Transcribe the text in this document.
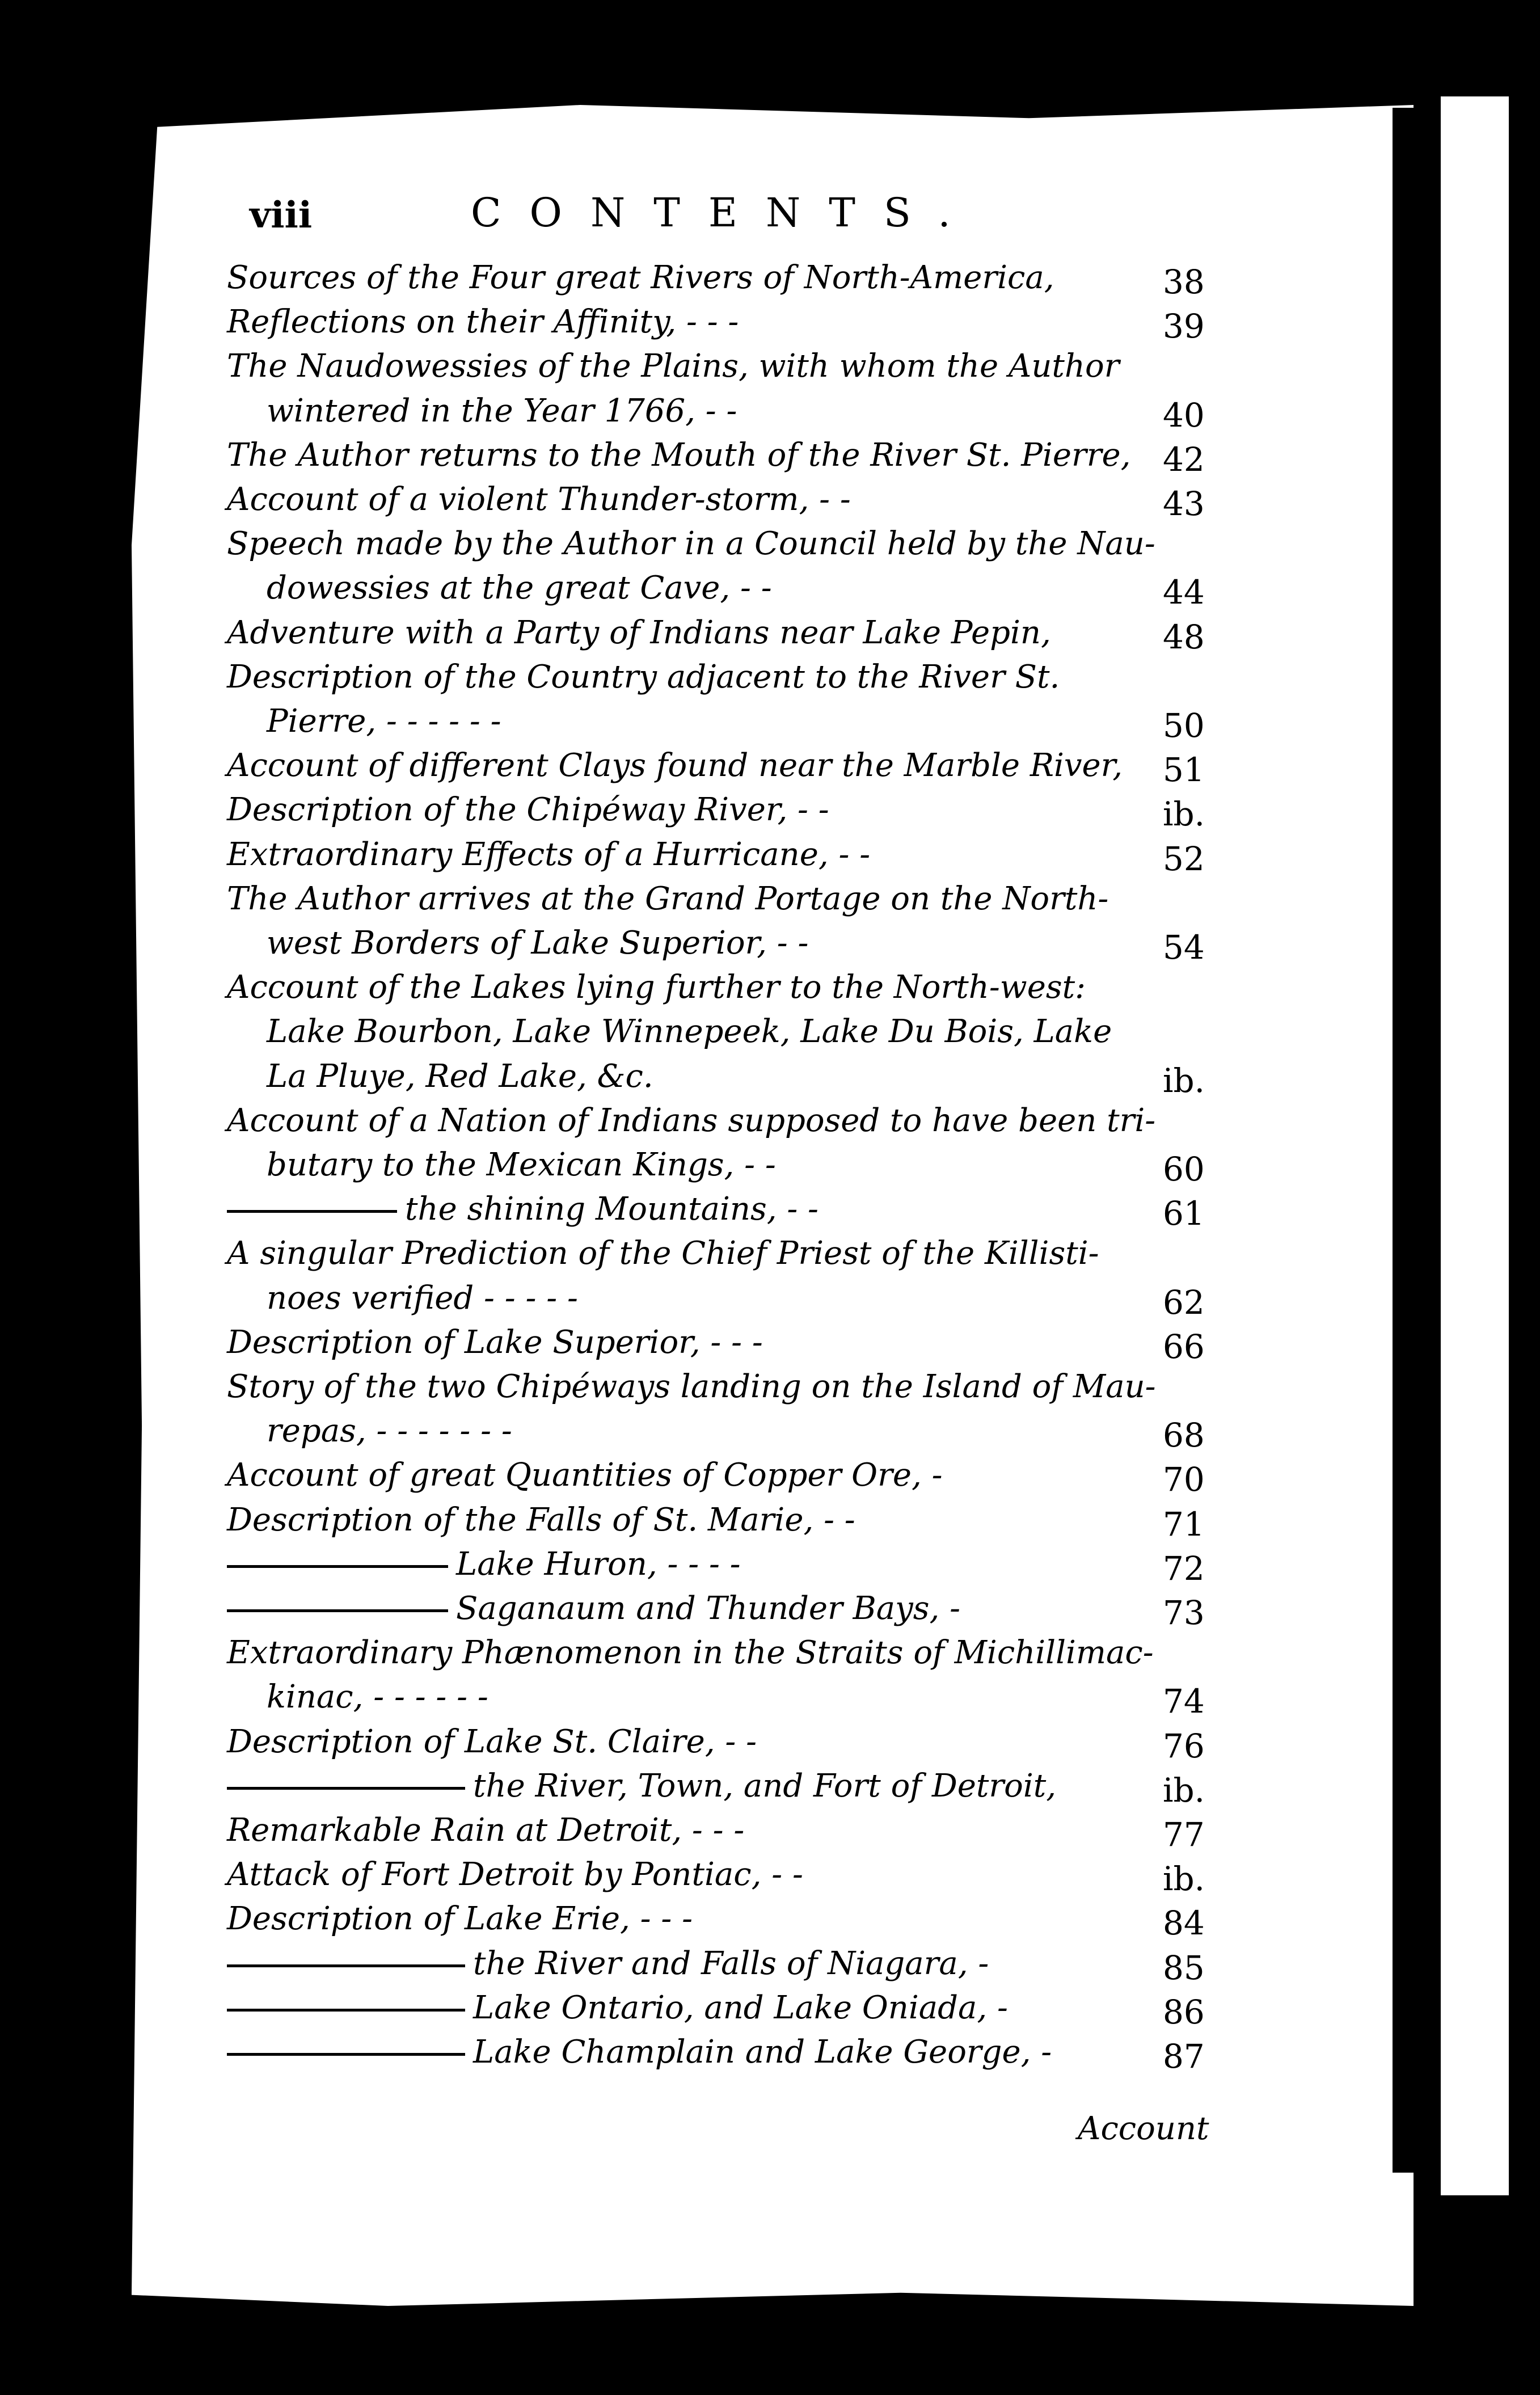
viii	CONTENTS.
Sources of the Four great Rivers of North-America,	38
Reflections on their Affinity, - - -	39
The Naudowessies of the Plains, with whom the Author
wintered in the Year 1766, - -	40
The Author returns to the Mouth of the River St. Pierre, 42
Account of a violent Thunder-storm, - -	43
Speech made by the Author in a Council held by the Nau-
dowessies at the great Cave, - -	44
Adventure with a Party of Indians near Lake Pepin,	48
Description of the Country adjacent to the River St.
Pierre, - - - - - -	50
Account of different Clays found near the Marble River, 51
Description of the Chipéway River, - -	ib.
Extraordinary Effects of a Hurricane, - -	52
The Author arrives at the Grand Portage on the North-
west Borders of Lake Superior, - -	54
Account of the Lakes lying further to the North-west:
Lake Bourbon, Lake Winnepeek, Lake Du Bois, Lake
La Pluye, Red Lake, &c.	ib.
Account of a Nation of Indians supposed to have been tri-
butary to the Mexican Kings, - -	60
the shining Mountains, - -	61
A singular Prediction of the Chief Priest of the Killisti-
noes verified - - - - -	62
Description of Lake Superior, - - -	66
Story of the two Chipéways landing on the Island of Mau-
repas, - - - - - - -	68
Account of great Quantities of Copper Ore, -	70
Description of the Falls of St. Marie, - -	71
Lake Huron, - - - -	72
Saganaum and Thunder Bays, -	73
Extraordinary Phænomenon in the Straits of Michillimac-
kinac, - - - - - -	74
Description of Lake St. Claire, - -	76
the River, Town, and Fort of Detroit,	ib.
Remarkable Rain at Detroit, - - -	77
Attack of Fort Detroit by Pontiac, - -	ib.
Description of Lake Erie, - - -	84
the River and Falls of Niagara, -	85
Lake Ontario, and Lake Oniada, -	86
Lake Champlain and Lake George, -	87
Account
